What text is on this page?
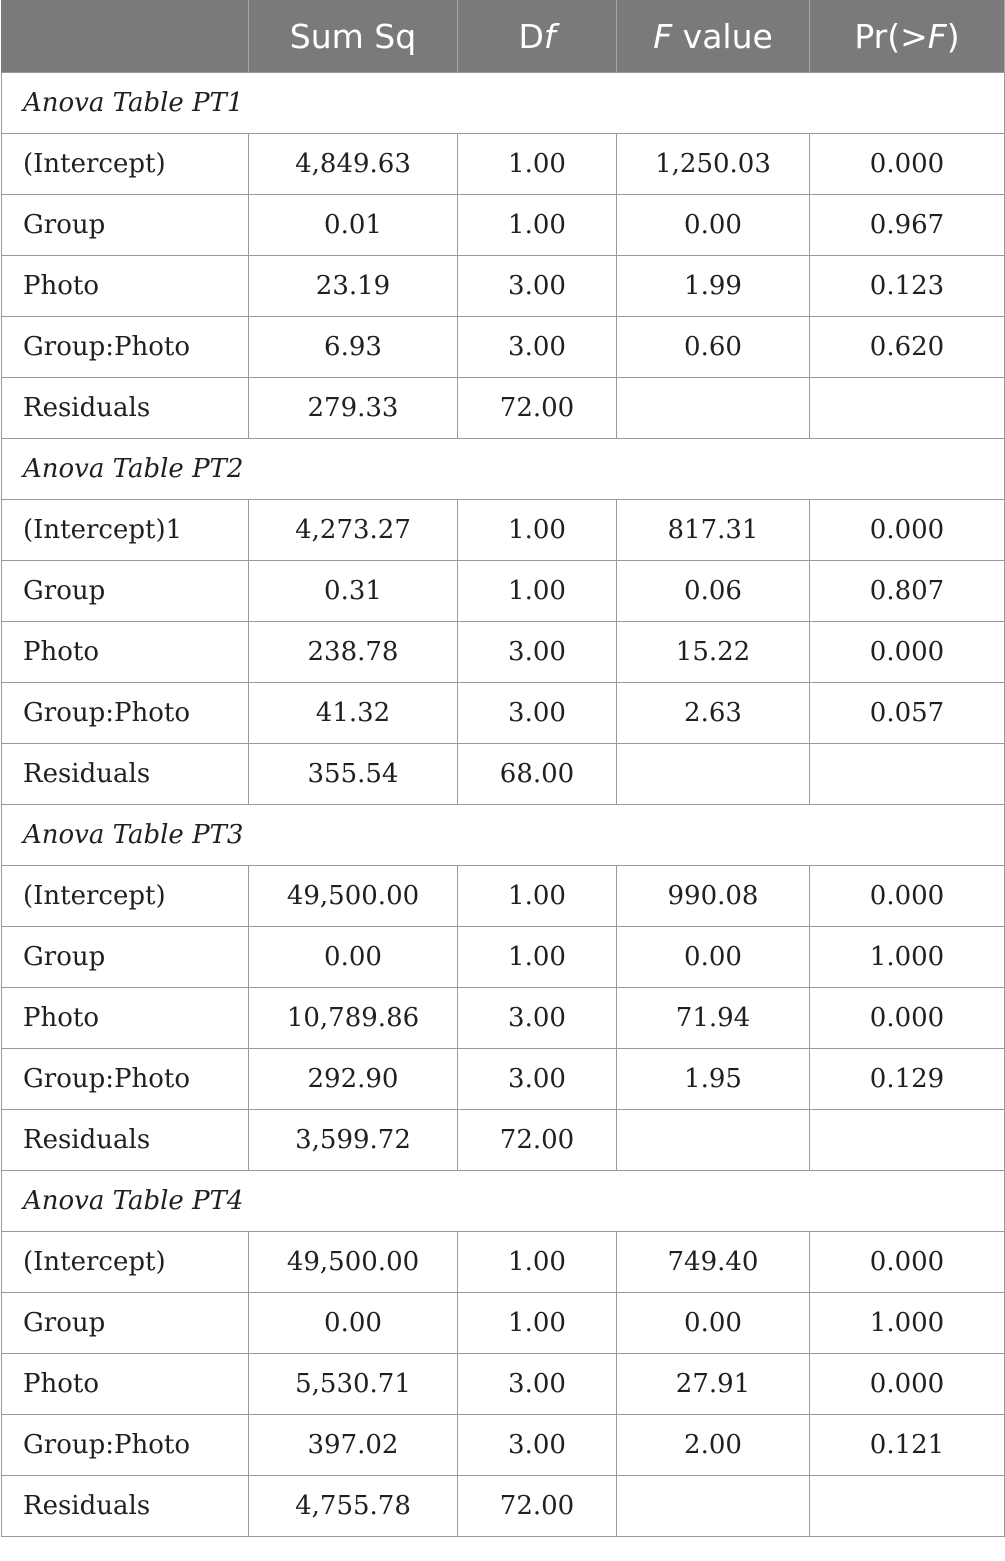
	Sum Sq	Df	F value	Pr(>F)
Anova Table PT1				
(Intercept)	4,849.63	1.00	1,250.03	0.000
Group	0.01	1.00	0.00	0.967
Photo	23.19	3.00	1.99	0.123
Group:Photo	6.93	3.00	0.60	0.620
Residuals	279.33	72.00		
Anova Table PT2				
(Intercept)1	4,273.27	1.00	817.31	0.000
Group	0.31	1.00	0.06	0.807
Photo	238.78	3.00	15.22	0.000
Group:Photo	41.32	3.00	2.63	0.057
Residuals	355.54	68.00		
Anova Table PT3				
(Intercept)	49,500.00	1.00	990.08	0.000
Group	0.00	1.00	0.00	1.000
Photo	10,789.86	3.00	71.94	0.000
Group:Photo	292.90	3.00	1.95	0.129
Residuals	3,599.72	72.00		
Anova Table PT4				
(Intercept)	49,500.00	1.00	749.40	0.000
Group	0.00	1.00	0.00	1.000
Photo	5,530.71	3.00	27.91	0.000
Group:Photo	397.02	3.00	2.00	0.121
Residuals	4,755.78	72.00		
